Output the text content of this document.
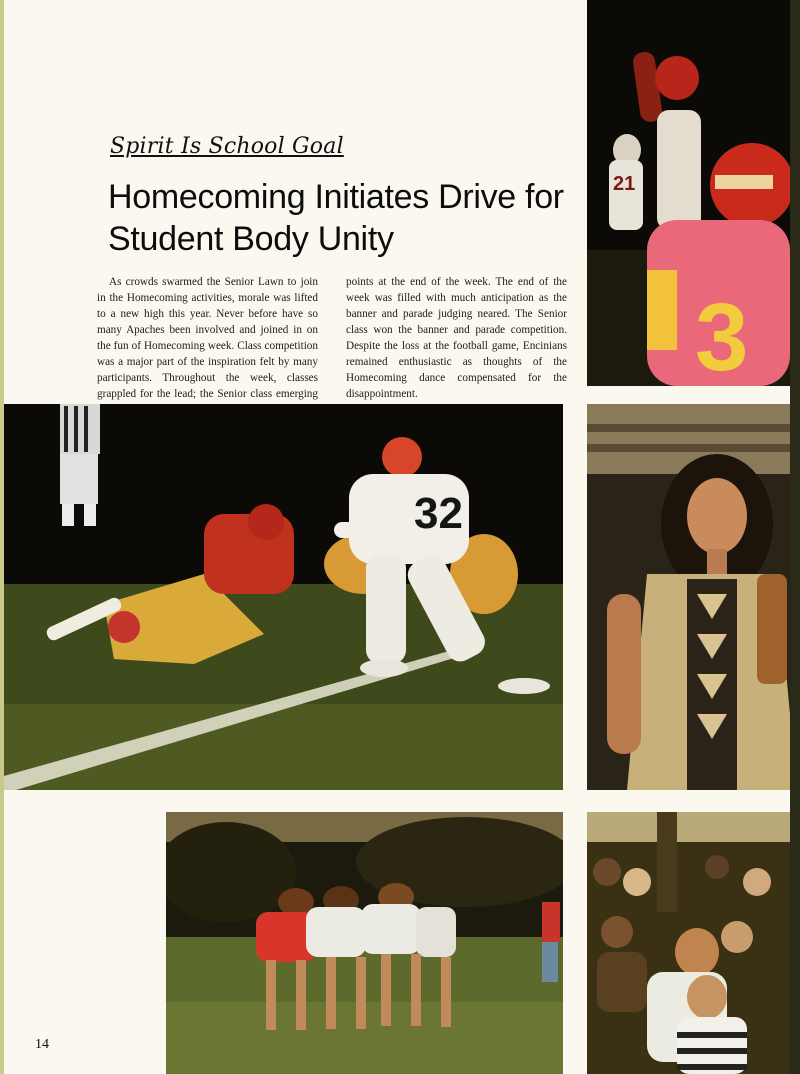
Spirit Is School Goal
Homecoming Initiates Drive for Student Body Unity

As crowds swarmed the Senior Lawn to join in the Homecoming activities, morale was lifted to a new high this year. Never before have so many Apaches been involved and joined in on the fun of Homecoming week. Class competition was a major part of the inspiration felt by many participants. Throughout the week, classes grappled for the lead; the Senior class emerging

points at the end of the week. The end of the week was filled with much anticipation as the banner and parade judging neared. The Senior class won the banner and parade competition. Despite the loss at the football game, Encinians remained enthusiastic as thoughts of the Homecoming dance compensated for the disappointment.

21
3
32
14
